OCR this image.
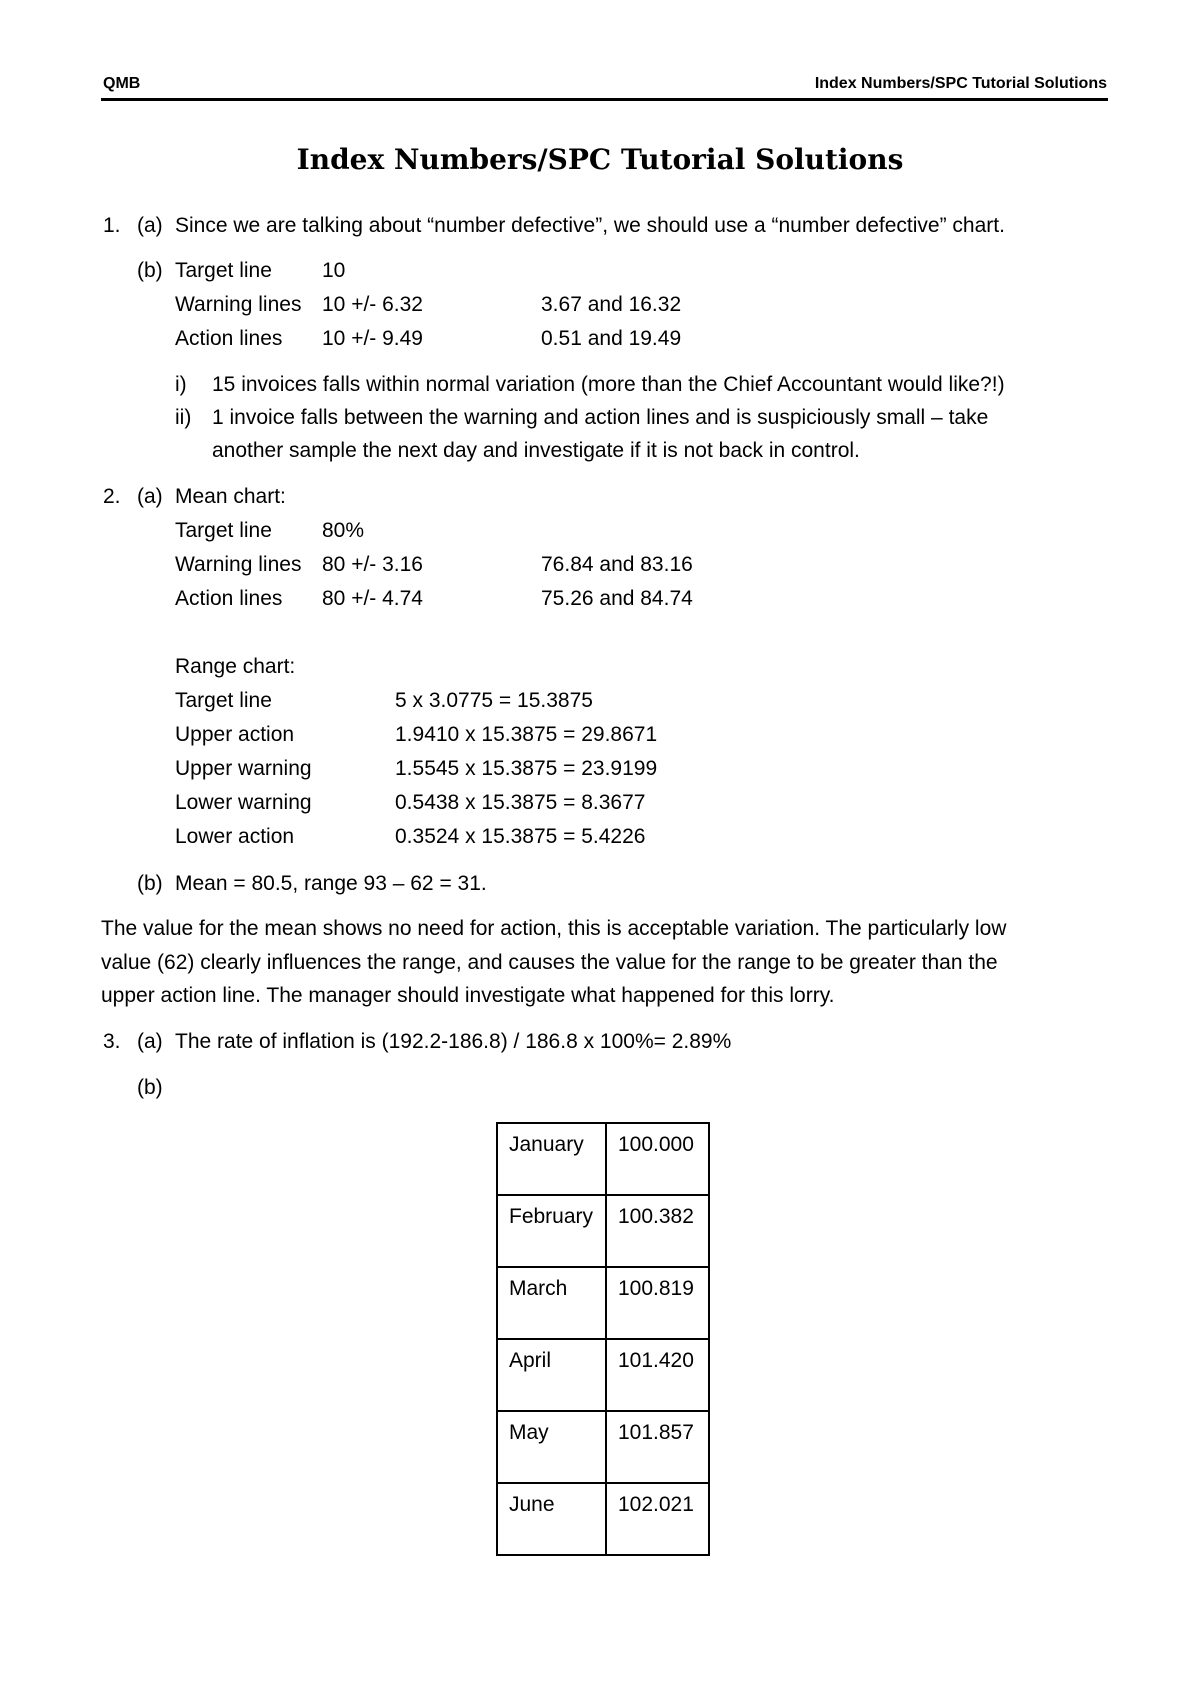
QMB	Index Numbers/SPC Tutorial Solutions
Index Numbers/SPC Tutorial Solutions
1. (a) Since we are talking about “number defective”, we should use a “number defective” chart.
(b) Target line 10
Warning lines 10 +/- 6.32	3.67 and 16.32
Action lines 10 +/- 9.49	0.51 and 19.49
i) 15 invoices falls within normal variation (more than the Chief Accountant would like?!)
ii) 1 invoice falls between the warning and action lines and is suspiciously small – take
another sample the next day and investigate if it is not back in control.
2. (a) Mean chart:
Target line 80%
Warning lines 80 +/- 3.16	76.84 and 83.16
Action lines 80 +/- 4.74	75.26 and 84.74
Range chart:
Target line	5 x 3.0775 = 15.3875
Upper action	1.9410 x 15.3875 = 29.8671
Upper warning	1.5545 x 15.3875 = 23.9199
Lower warning	0.5438 x 15.3875 = 8.3677
Lower action	0.3524 x 15.3875 = 5.4226
(b) Mean = 80.5, range 93 – 62 = 31.
The value for the mean shows no need for action, this is acceptable variation. The particularly low
value (62) clearly influences the range, and causes the value for the range to be greater than the
upper action line. The manager should investigate what happened for this lorry.
3. (a) The rate of inflation is (192.2-186.8) / 186.8 x 100%= 2.89%
(b)
January	100.000
February	100.382
March	100.819
April	101.420
May	101.857
June	102.021
